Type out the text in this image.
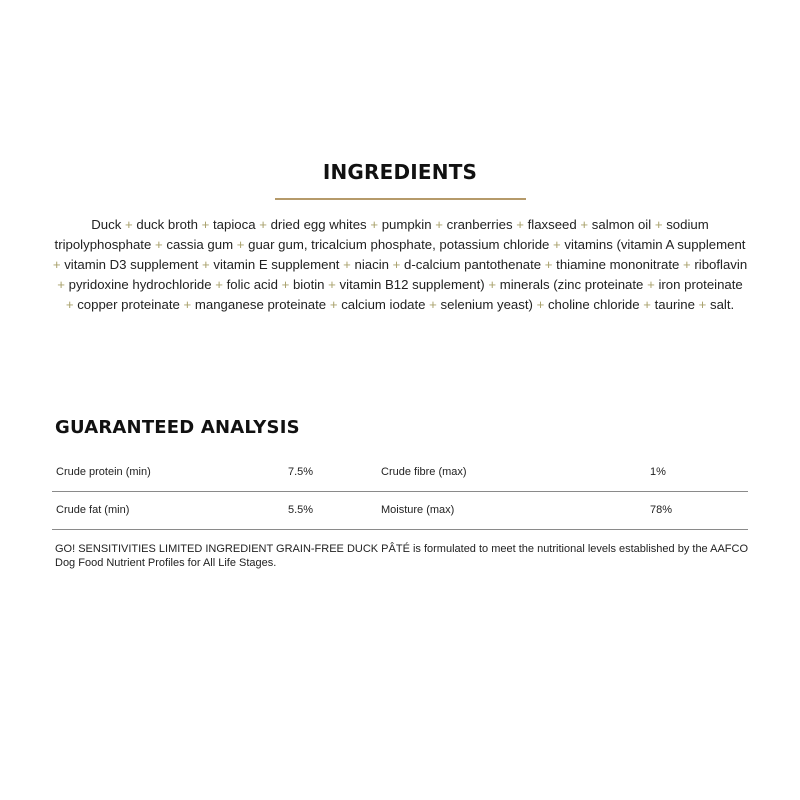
INGREDIENTS
Duck + duck broth + tapioca + dried egg whites + pumpkin + cranberries + flaxseed + salmon oil + sodium tripolyphosphate + cassia gum + guar gum, tricalcium phosphate, potassium chloride + vitamins (vitamin A supplement + vitamin D3 supplement + vitamin E supplement + niacin + d-calcium pantothenate + thiamine mononitrate + riboflavin + pyridoxine hydrochloride + folic acid + biotin + vitamin B12 supplement) + minerals (zinc proteinate + iron proteinate + copper proteinate + manganese proteinate + calcium iodate + selenium yeast) + choline chloride + taurine + salt.
GUARANTEED ANALYSIS
Crude protein (min)	7.5%	Crude fibre (max)	1%
Crude fat (min)	5.5%	Moisture (max)	78%
GO! SENSITIVITIES LIMITED INGREDIENT GRAIN-FREE DUCK PÂTÉ is formulated to meet the nutritional levels established by the AAFCO Dog Food Nutrient Profiles for All Life Stages.
